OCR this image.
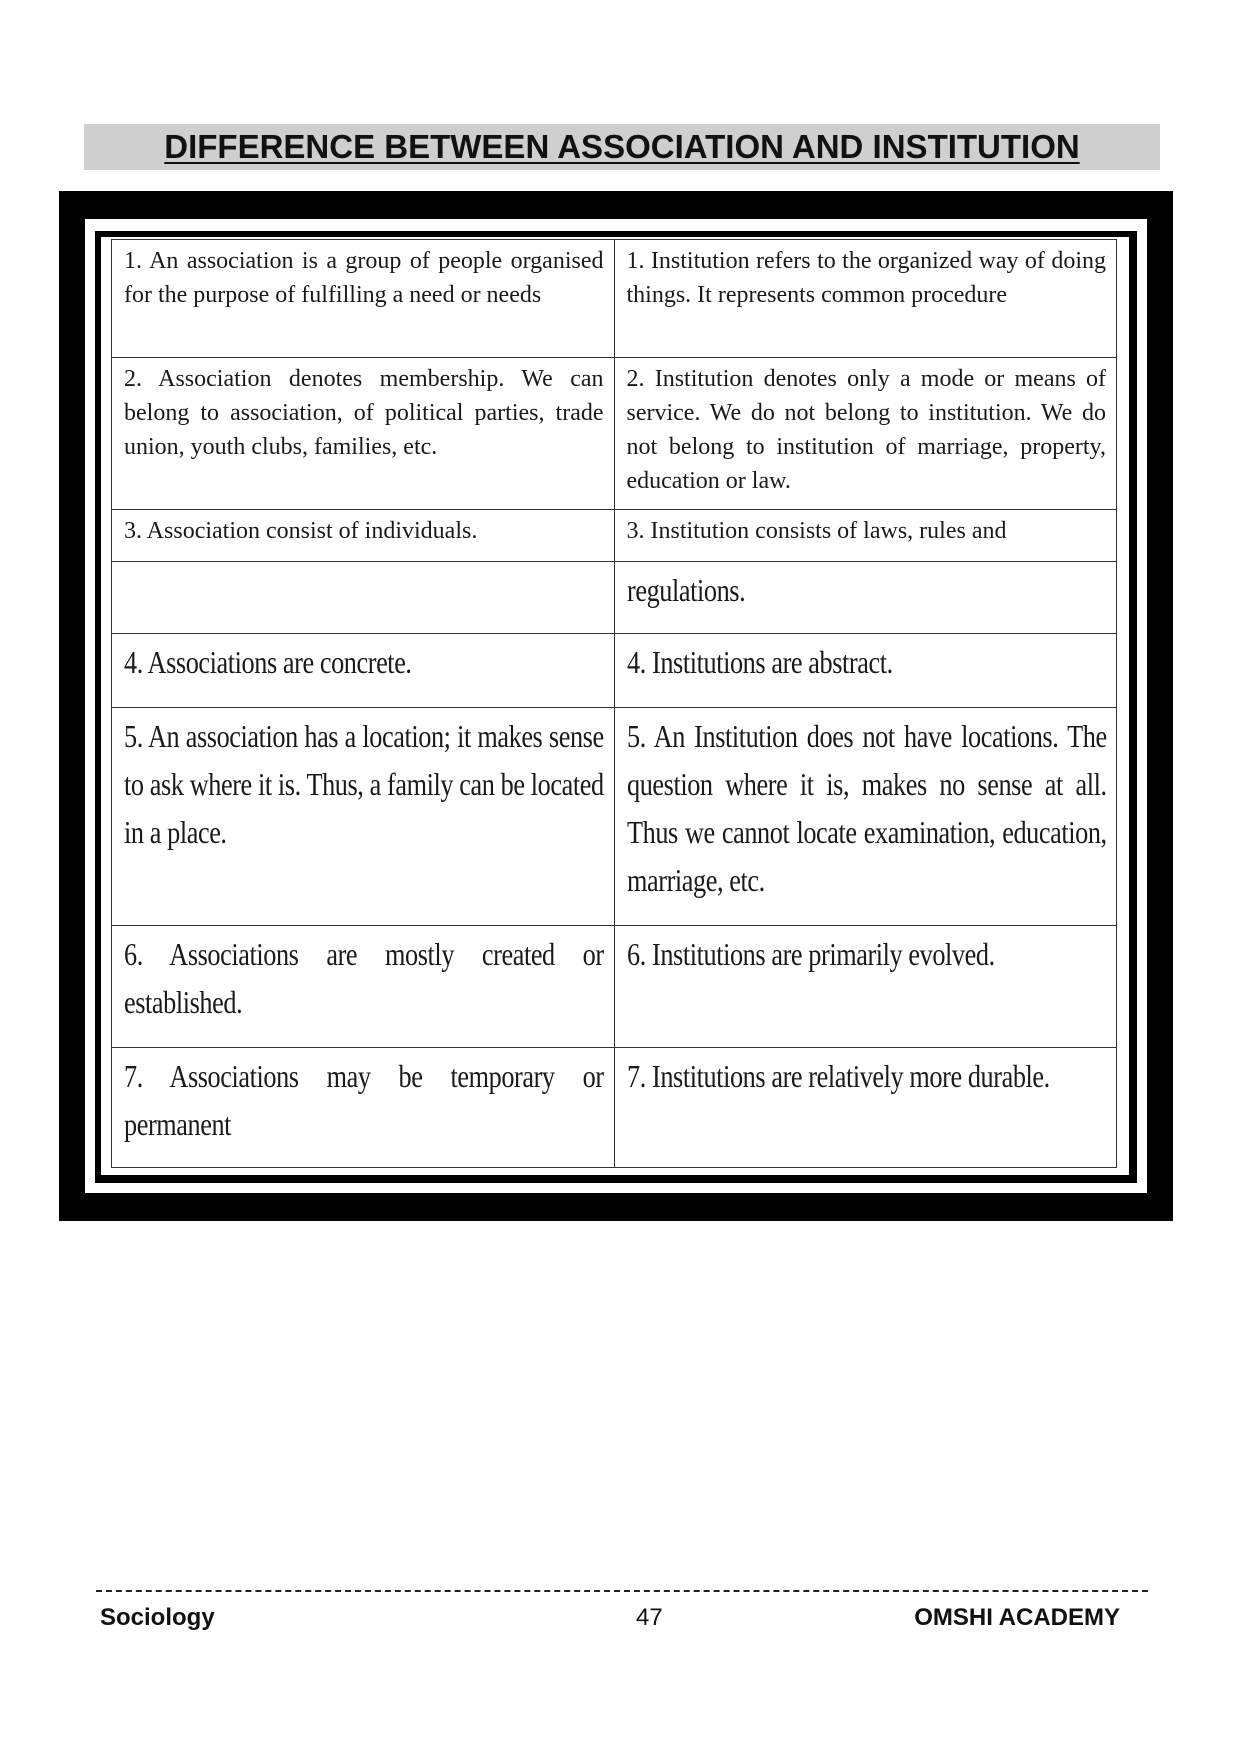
DIFFERENCE BETWEEN ASSOCIATION AND INSTITUTION
1. An association is a group of people organised for the purpose of fulfilling a need or needs	1. Institution refers to the organized way of doing things. It represents common procedure
2. Association denotes membership. We can belong to association, of political parties, trade union, youth clubs, families, etc.	2. Institution denotes only a mode or means of service. We do not belong to institution. We do not belong to institution of marriage, property, education or law.
3. Association consist of individuals.	3. Institution consists of laws, rules and
	regulations.
4. Associations are concrete.	4. Institutions are abstract.
5. An association has a location; it makes sense to ask where it is. Thus, a family can be located in a place.	5. An Institution does not have locations. The question where it is, makes no sense at all. Thus we cannot locate examination, education, marriage, etc.
6. Associations are mostly created or established.	6. Institutions are primarily evolved.
7. Associations may be temporary or permanent	7. Institutions are relatively more durable.
Sociology	47	OMSHI ACADEMY
